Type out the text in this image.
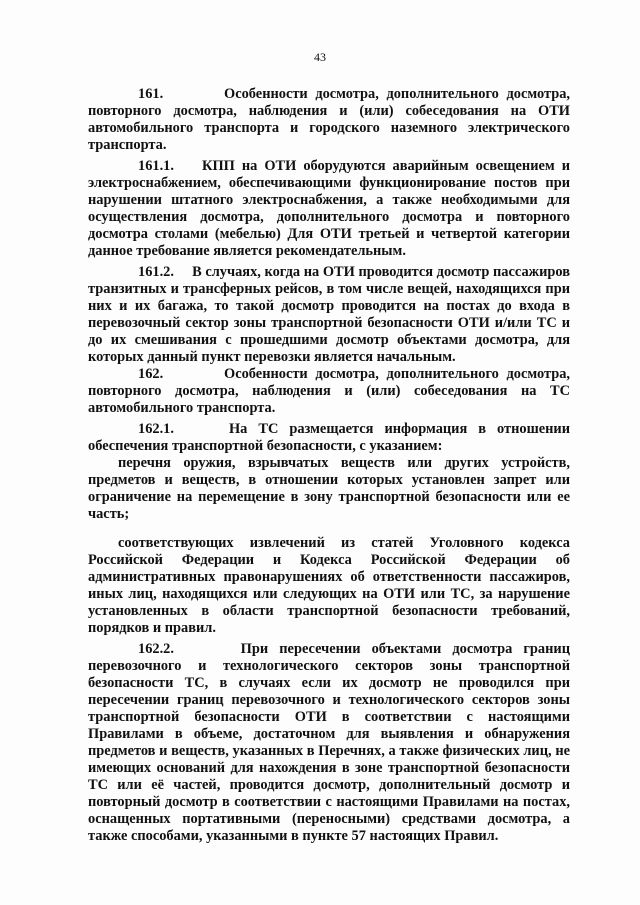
43

161.        Особенности досмотра, дополнительного досмотра, повторного досмотра, наблюдения и (или) собеседования на ОТИ автомобильного транспорта и городского наземного электрического транспорта.

161.1.    КПП на ОТИ оборудуются аварийным освещением и электроснабжением, обеспечивающими функционирование постов при нарушении штатного электроснабжения, а также необходимыми для осуществления досмотра, дополнительного досмотра и повторного досмотра столами (мебелью) Для ОТИ третьей и четвертой категории данное требование является рекомендательным.

161.2.     В случаях, когда на ОТИ проводится досмотр пассажиров транзитных и трансферных рейсов, в том числе вещей, находящихся при них и их багажа, то такой досмотр проводится на постах до входа в перевозочный сектор зоны транспортной безопасности ОТИ и/или ТС и до их смешивания с прошедшими досмотр объектами досмотра, для которых данный пункт перевозки является начальным.

162.        Особенности досмотра, дополнительного досмотра, повторного досмотра, наблюдения и (или) собеседования на ТС автомобильного транспорта.

162.1.     На ТС размещается информация в отношении обеспечения транспортной безопасности, с указанием:

перечня оружия, взрывчатых веществ или других устройств, предметов и веществ, в отношении которых установлен запрет или ограничение на перемещение в зону транспортной безопасности или ее часть;

соответствующих извлечений из статей Уголовного кодекса Российской Федерации и Кодекса Российской Федерации об административных правонарушениях об ответственности пассажиров, иных лиц, находящихся или следующих на ОТИ или ТС, за нарушение установленных в области транспортной безопасности требований, порядков и правил.

162.2.      При пересечении объектами досмотра границ перевозочного и технологического секторов зоны транспортной безопасности ТС, в случаях если их досмотр не проводился при пересечении границ перевозочного и технологического секторов зоны транспортной безопасности ОТИ в соответствии с настоящими Правилами в объеме, достаточном для выявления и обнаружения предметов и веществ, указанных в Перечнях, а также физических лиц, не имеющих оснований для нахождения в зоне транспортной безопасности ТС или её частей, проводится досмотр, дополнительный досмотр и повторный досмотр в соответствии с настоящими Правилами на постах, оснащенных портативными (переносными) средствами досмотра, а также способами, указанными в пункте 57 настоящих Правил.
